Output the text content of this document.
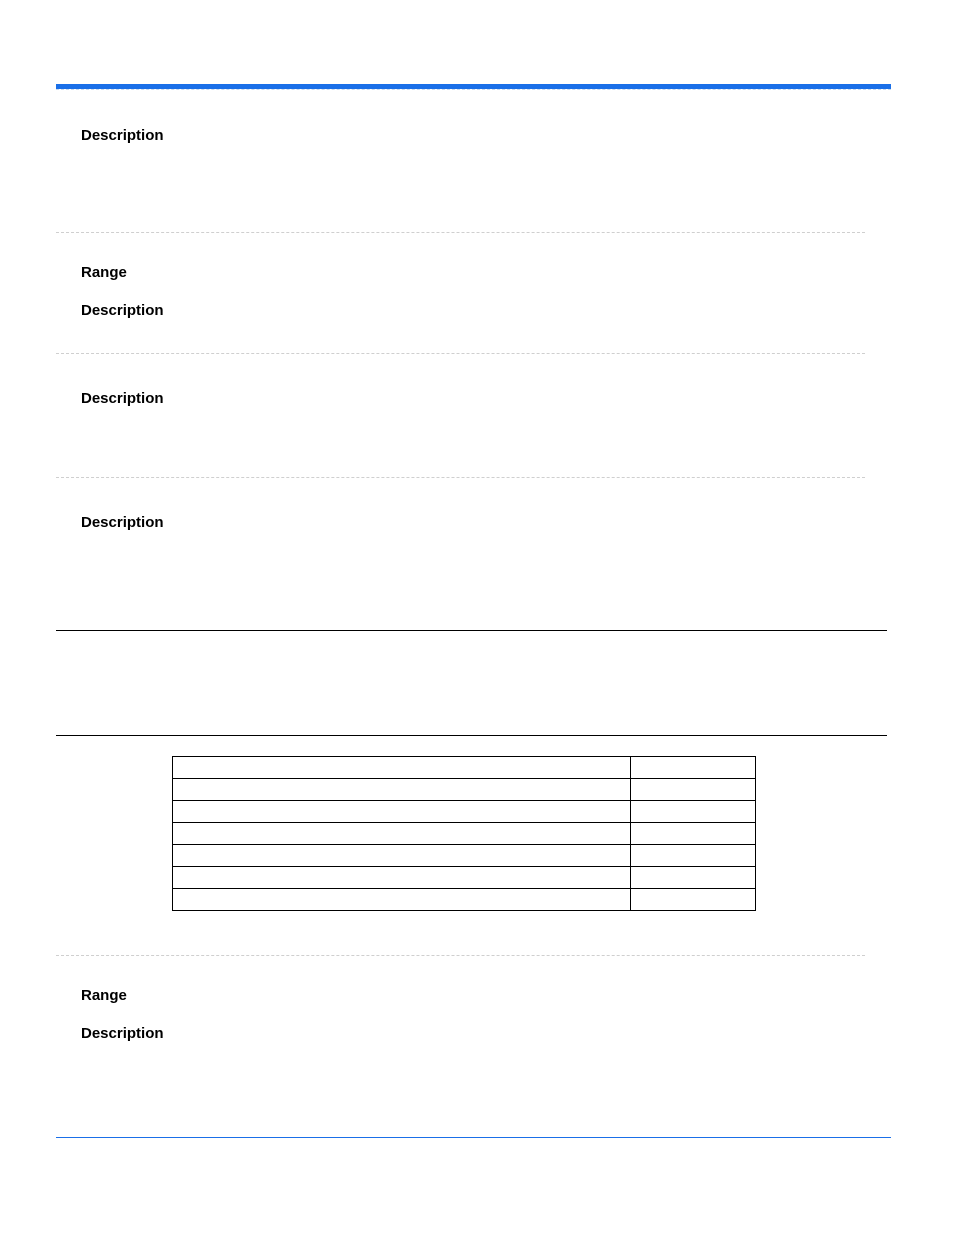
Description
Range
Description
Description
Description

Range
Description
